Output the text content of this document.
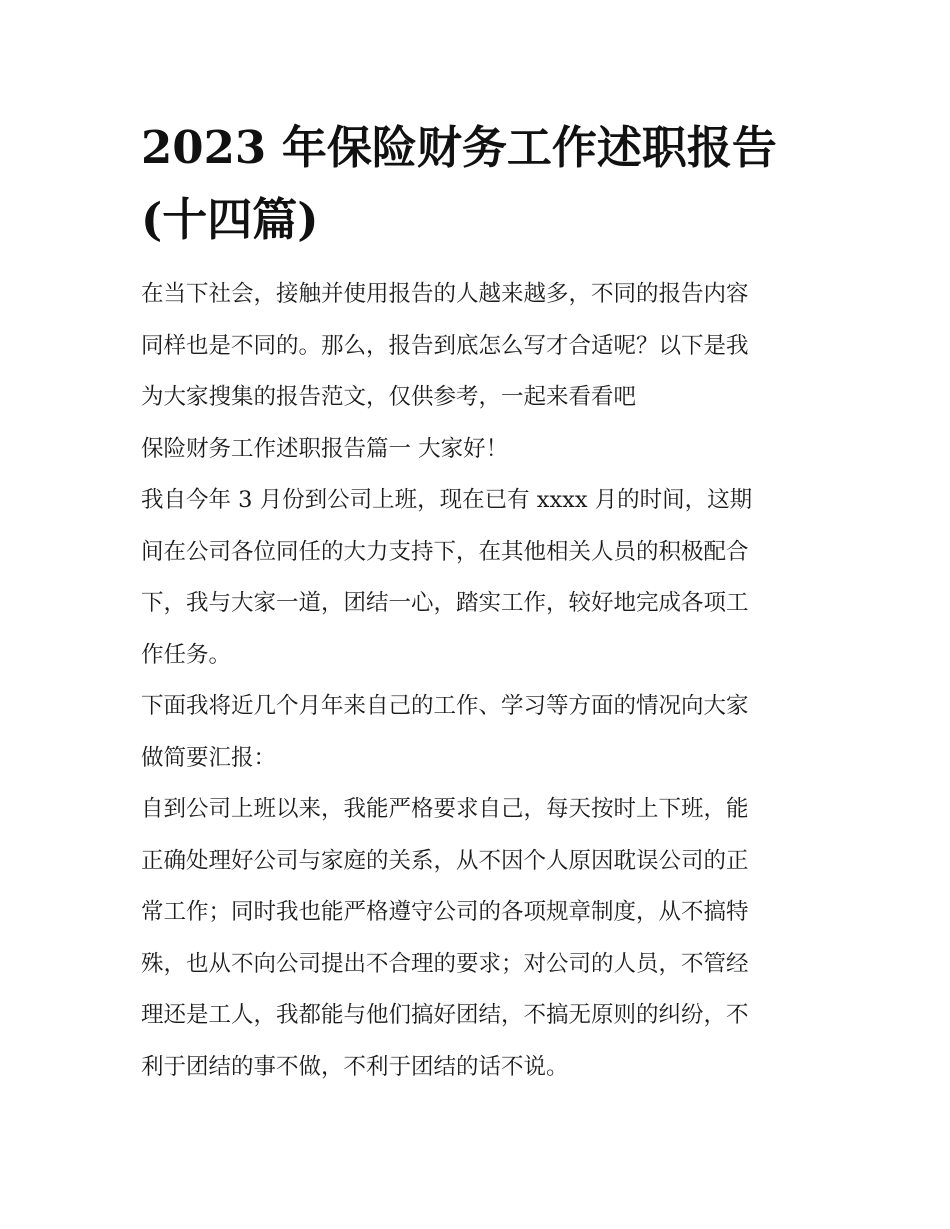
2023 年保险财务工作述职报告
(十四篇)
在当下社会，接触并使用报告的人越来越多，不同的报告内容
同样也是不同的。那么，报告到底怎么写才合适呢？以下是我
为大家搜集的报告范文，仅供参考，一起来看看吧
保险财务工作述职报告篇一 大家好！
我自今年 3 月份到公司上班，现在已有 xxxx 月的时间，这期
间在公司各位同任的大力支持下，在其他相关人员的积极配合
下，我与大家一道，团结一心，踏实工作，较好地完成各项工
作任务。
下面我将近几个月年来自己的工作、学习等方面的情况向大家
做简要汇报：
自到公司上班以来，我能严格要求自己，每天按时上下班，能
正确处理好公司与家庭的关系，从不因个人原因耽误公司的正
常工作；同时我也能严格遵守公司的各项规章制度，从不搞特
殊，也从不向公司提出不合理的要求；对公司的人员，不管经
理还是工人，我都能与他们搞好团结，不搞无原则的纠纷，不
利于团结的事不做，不利于团结的话不说。
